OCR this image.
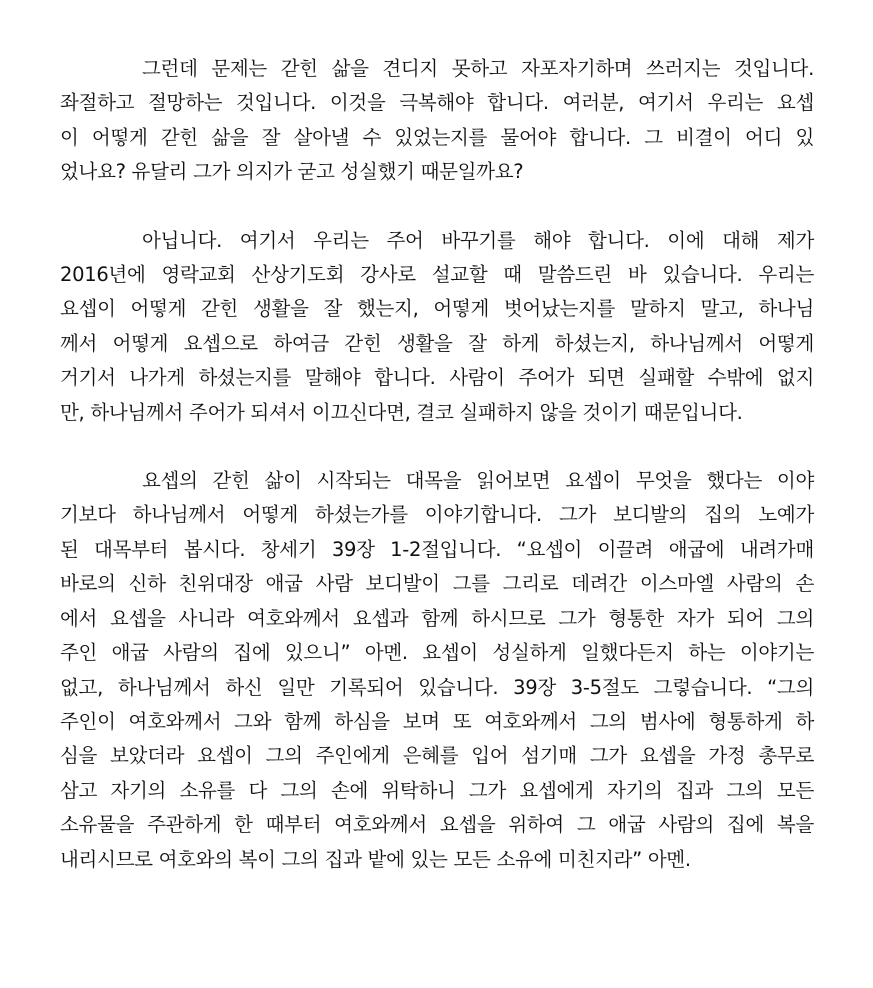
그런데 문제는 갇힌 삶을 견디지 못하고 자포자기하며 쓰러지는 것입니다.
좌절하고 절망하는 것입니다. 이것을 극복해야 합니다. 여러분, 여기서 우리는 요셉
이 어떻게 갇힌 삶을 잘 살아낼 수 있었는지를 물어야 합니다. 그 비결이 어디 있
었나요? 유달리 그가 의지가 굳고 성실했기 때문일까요?
아닙니다. 여기서 우리는 주어 바꾸기를 해야 합니다. 이에 대해 제가
2016년에 영락교회 산상기도회 강사로 설교할 때 말씀드린 바 있습니다. 우리는
요셉이 어떻게 갇힌 생활을 잘 했는지, 어떻게 벗어났는지를 말하지 말고, 하나님
께서 어떻게 요셉으로 하여금 갇힌 생활을 잘 하게 하셨는지, 하나님께서 어떻게
거기서 나가게 하셨는지를 말해야 합니다. 사람이 주어가 되면 실패할 수밖에 없지
만, 하나님께서 주어가 되셔서 이끄신다면, 결코 실패하지 않을 것이기 때문입니다.
요셉의 갇힌 삶이 시작되는 대목을 읽어보면 요셉이 무엇을 했다는 이야
기보다 하나님께서 어떻게 하셨는가를 이야기합니다. 그가 보디발의 집의 노예가
된 대목부터 봅시다. 창세기 39장 1-2절입니다. “요셉이 이끌려 애굽에 내려가매
바로의 신하 친위대장 애굽 사람 보디발이 그를 그리로 데려간 이스마엘 사람의 손
에서 요셉을 사니라 여호와께서 요셉과 함께 하시므로 그가 형통한 자가 되어 그의
주인 애굽 사람의 집에 있으니” 아멘. 요셉이 성실하게 일했다든지 하는 이야기는
없고, 하나님께서 하신 일만 기록되어 있습니다. 39장 3-5절도 그렇습니다. “그의
주인이 여호와께서 그와 함께 하심을 보며 또 여호와께서 그의 범사에 형통하게 하
심을 보았더라 요셉이 그의 주인에게 은혜를 입어 섬기매 그가 요셉을 가정 총무로
삼고 자기의 소유를 다 그의 손에 위탁하니 그가 요셉에게 자기의 집과 그의 모든
소유물을 주관하게 한 때부터 여호와께서 요셉을 위하여 그 애굽 사람의 집에 복을
내리시므로 여호와의 복이 그의 집과 밭에 있는 모든 소유에 미친지라” 아멘.
